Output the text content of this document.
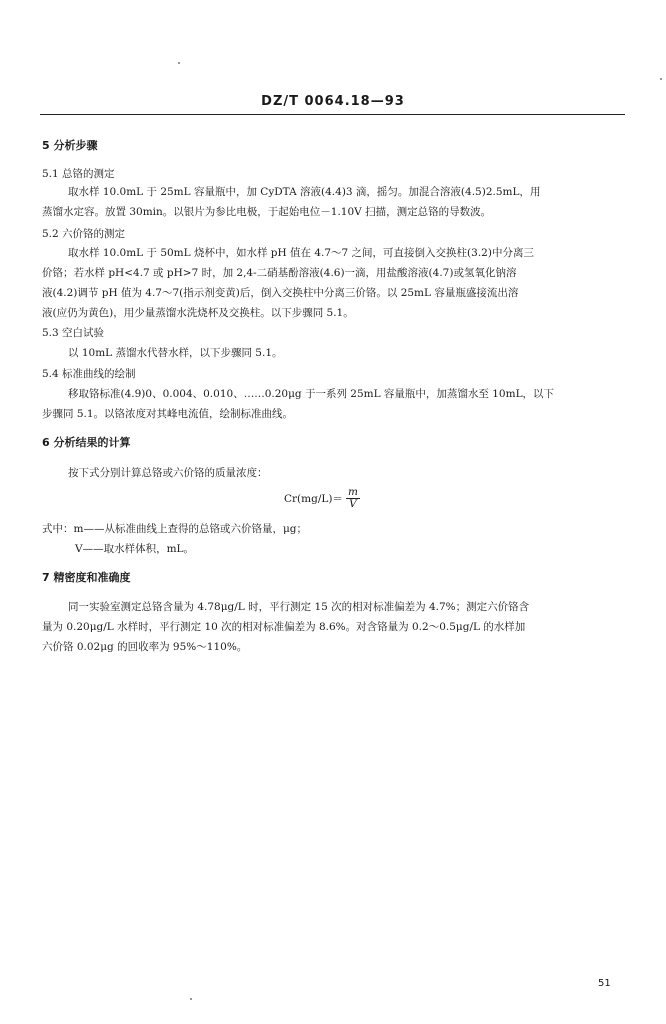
DZ/T 0064.18—93
5 分析步骤
5.1 总铬的测定
取水样 10.0mL 于 25mL 容量瓶中，加 CyDTA 溶液(4.4)3 滴，摇匀。加混合溶液(4.5)2.5mL，用
蒸馏水定容。放置 30min。以银片为参比电极，于起始电位－1.10V 扫描，测定总铬的导数波。
5.2 六价铬的测定
取水样 10.0mL 于 50mL 烧杯中，如水样 pH 值在 4.7～7 之间，可直接倒入交换柱(3.2)中分离三
价铬；若水样 pH<4.7 或 pH>7 时，加 2,4-二硝基酚溶液(4.6)一滴，用盐酸溶液(4.7)或氢氧化钠溶
液(4.2)调节 pH 值为 4.7～7(指示剂变黄)后，倒入交换柱中分离三价铬。以 25mL 容量瓶盛接流出溶
液(应仍为黄色)，用少量蒸馏水洗烧杯及交换柱。以下步骤同 5.1。
5.3 空白试验
以 10mL 蒸馏水代替水样，以下步骤同 5.1。
5.4 标准曲线的绘制
移取铬标准(4.9)0、0.004、0.010、……0.20μg 于一系列 25mL 容量瓶中，加蒸馏水至 10mL，以下
步骤同 5.1。以铬浓度对其峰电流值，绘制标准曲线。
6 分析结果的计算
按下式分别计算总铬或六价铬的质量浓度：
式中：m——从标准曲线上查得的总铬或六价铬量，μg；
V——取水样体积，mL。
7 精密度和准确度
同一实验室测定总铬含量为 4.78μg/L 时，平行测定 15 次的相对标准偏差为 4.7%；测定六价铬含
量为 0.20μg/L 水样时，平行测定 10 次的相对标准偏差为 8.6%。对含铬量为 0.2～0.5μg/L 的水样加
六价铬 0.02μg 的回收率为 95%～110%。
$Cr(mg/L)= \frac{m}{V}$
51
